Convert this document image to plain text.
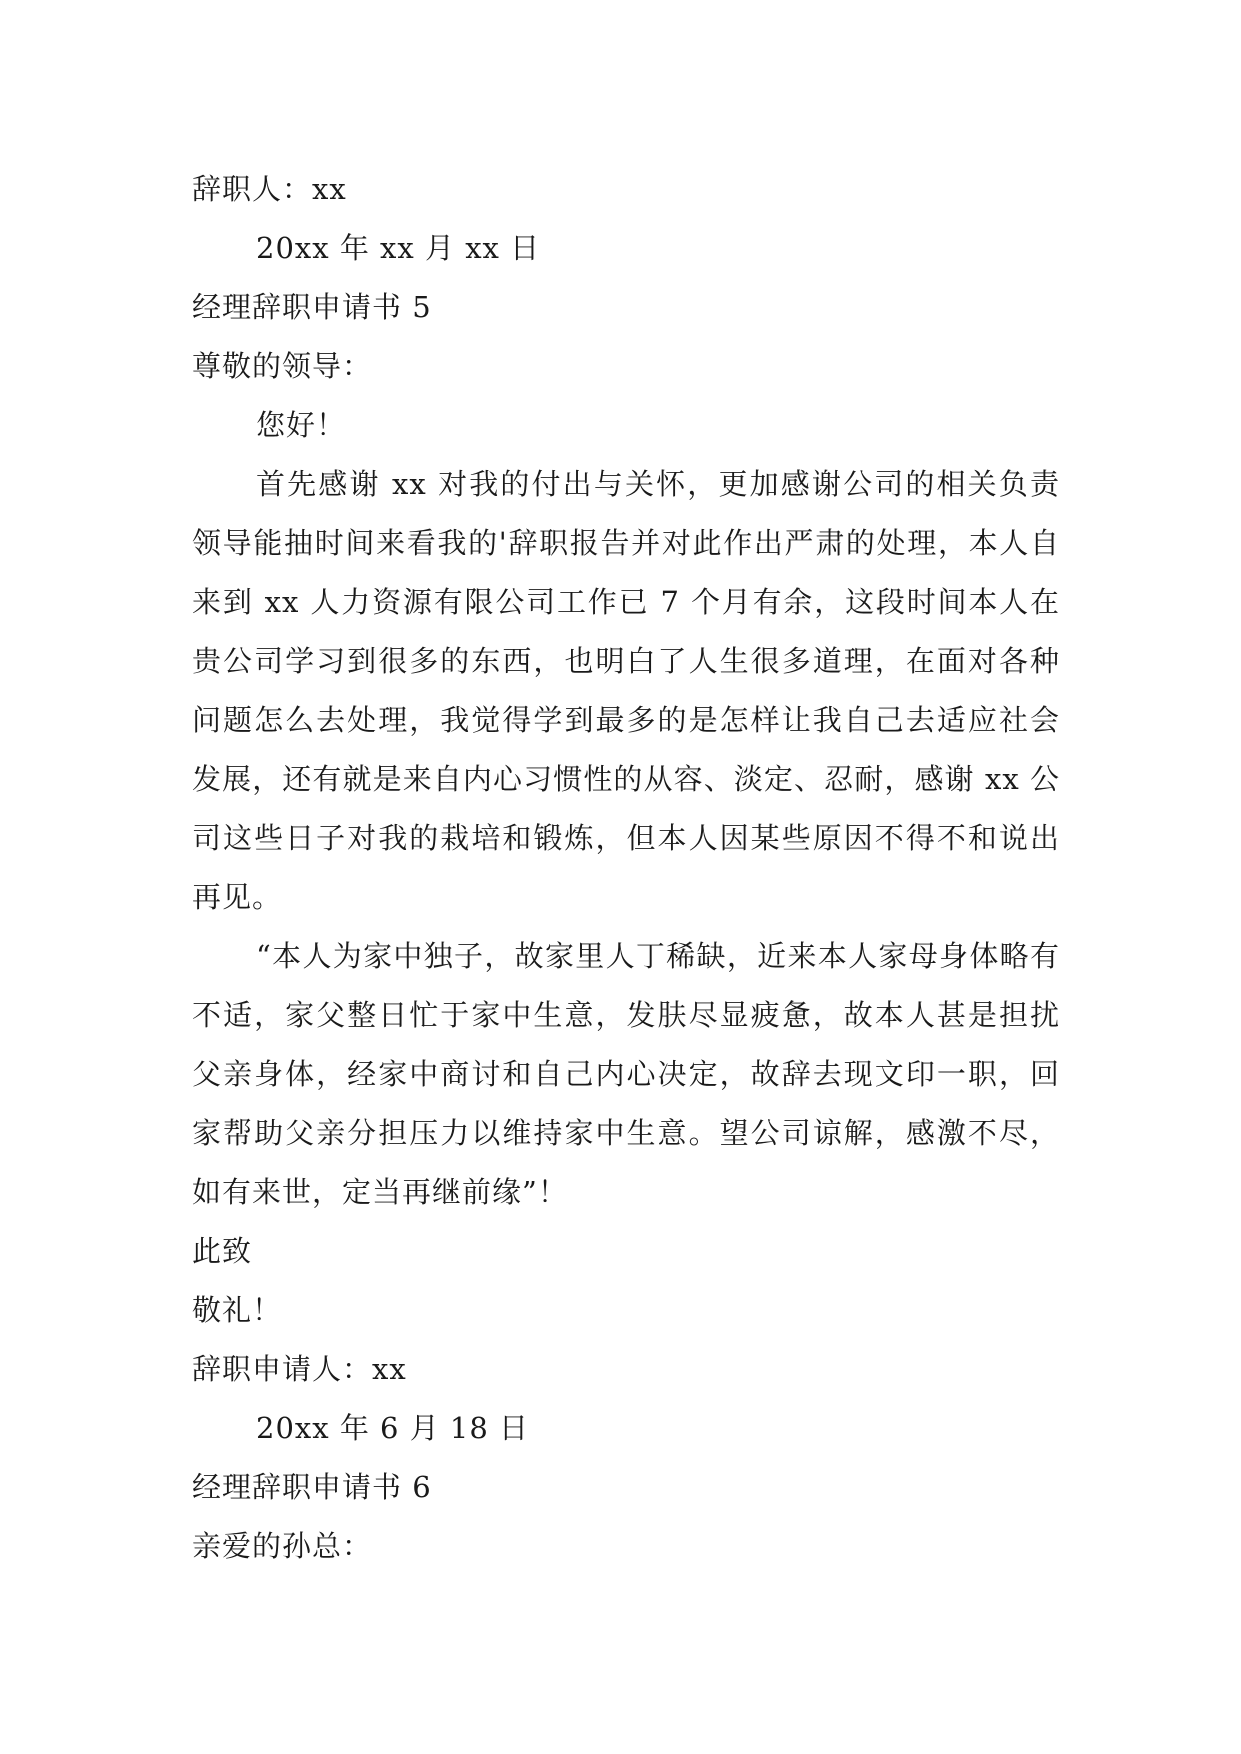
辞职人：xx
20xx 年 xx 月 xx 日
经理辞职申请书 5
尊敬的领导：
您好！

首先感谢 xx 对我的付出与关怀，更加感谢公司的相关负责领导能抽时间来看我的'辞职报告并对此作出严肃的处理，本人自来到 xx 人力资源有限公司工作已 7 个月有余，这段时间本人在贵公司学习到很多的东西，也明白了人生很多道理，在面对各种问题怎么去处理，我觉得学到最多的是怎样让我自己去适应社会发展，还有就是来自内心习惯性的从容、淡定、忍耐，感谢 xx 公司这些日子对我的栽培和锻炼，但本人因某些原因不得不和说出再见。

“本人为家中独子，故家里人丁稀缺，近来本人家母身体略有不适，家父整日忙于家中生意，发肤尽显疲惫，故本人甚是担扰父亲身体，经家中商讨和自己内心决定，故辞去现文印一职，回家帮助父亲分担压力以维持家中生意。望公司谅解，感激不尽，如有来世，定当再继前缘”！

此致
敬礼！
辞职申请人：xx
20xx 年 6 月 18 日
经理辞职申请书 6
亲爱的孙总：
